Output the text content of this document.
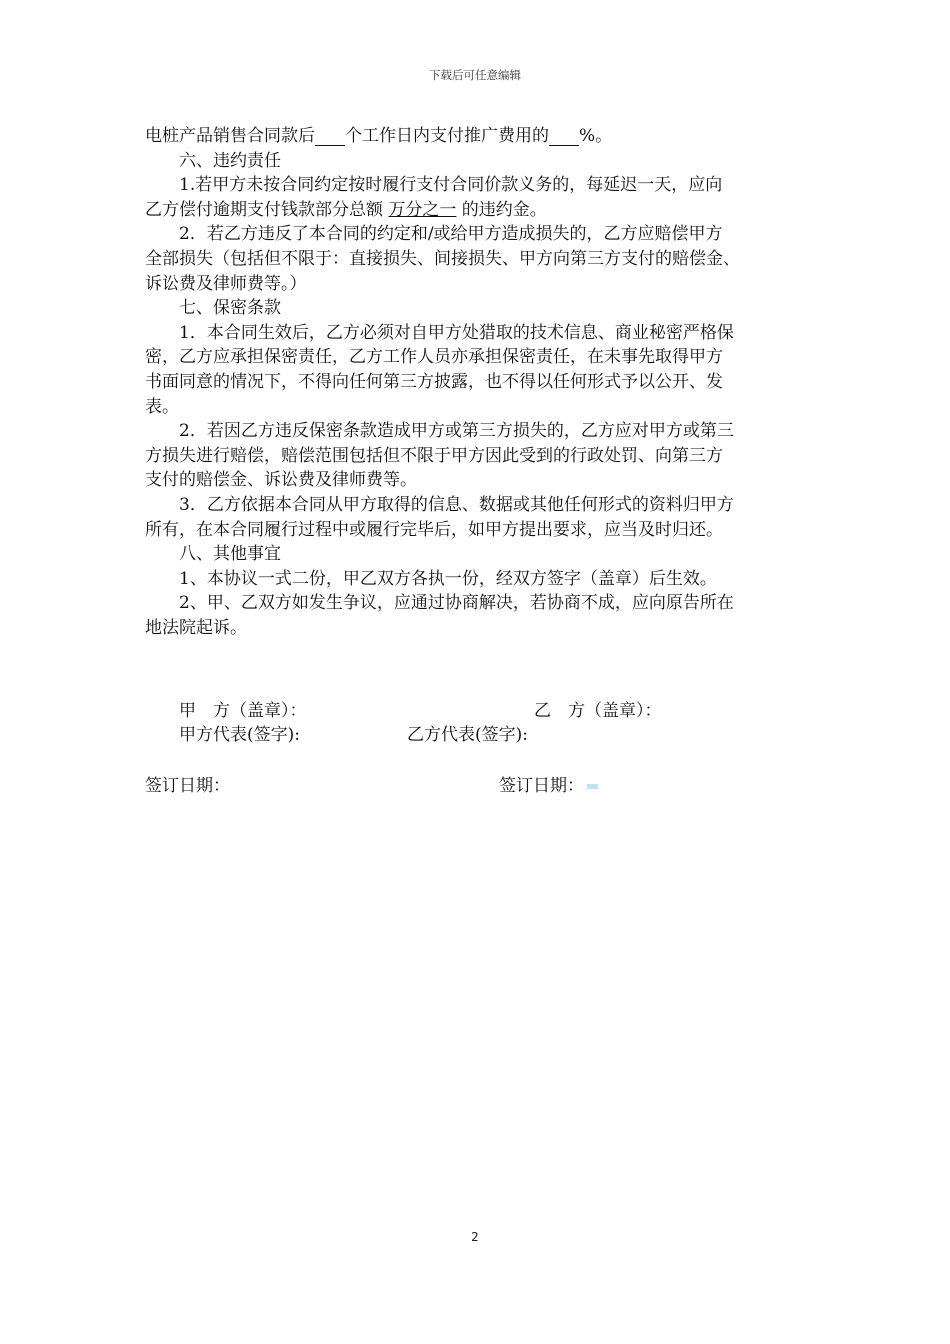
下载后可任意编辑
电桩产品销售合同款后 个工作日内支付推广费用的 %。
六、违约责任
1.若甲方未按合同约定按时履行支付合同价款义务的，每延迟一天，应向
乙方偿付逾期支付钱款部分总额 万分之一 的违约金。
2．若乙方违反了本合同的约定和/或给甲方造成损失的，乙方应赔偿甲方
全部损失（包括但不限于：直接损失、间接损失、甲方向第三方支付的赔偿金、
诉讼费及律师费等。）
七、保密条款
1．本合同生效后，乙方必须对自甲方处猎取的技术信息、商业秘密严格保
密，乙方应承担保密责任，乙方工作人员亦承担保密责任，在未事先取得甲方
书面同意的情况下，不得向任何第三方披露，也不得以任何形式予以公开、发
表。
2．若因乙方违反保密条款造成甲方或第三方损失的，乙方应对甲方或第三
方损失进行赔偿，赔偿范围包括但不限于甲方因此受到的行政处罚、向第三方
支付的赔偿金、诉讼费及律师费等。
3．乙方依据本合同从甲方取得的信息、数据或其他任何形式的资料归甲方
所有，在本合同履行过程中或履行完毕后，如甲方提出要求，应当及时归还。
八、其他事宜
1、本协议一式二份，甲乙双方各执一份，经双方签字（盖章）后生效。
2、甲、乙双方如发生争议，应通过协商解决，若协商不成，应向原告所在
地法院起诉。
甲　方（盖章）：	乙　方（盖章）：
甲方代表(签字):	乙方代表(签字):
签订日期：	签订日期：
2
